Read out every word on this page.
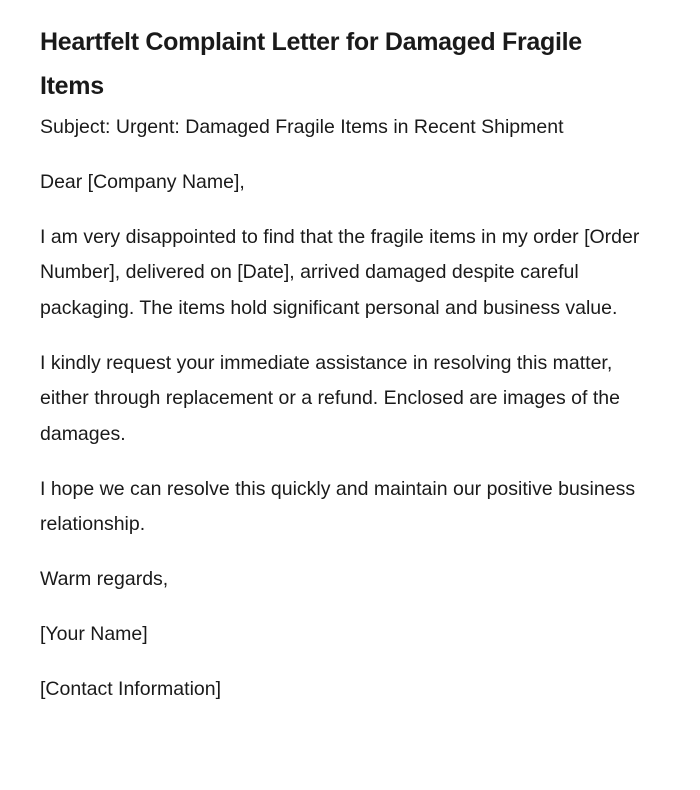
Heartfelt Complaint Letter for Damaged Fragile Items

Subject: Urgent: Damaged Fragile Items in Recent Shipment

Dear [Company Name],

I am very disappointed to find that the fragile items in my order [Order Number], delivered on [Date], arrived damaged despite careful packaging. The items hold significant personal and business value.

I kindly request your immediate assistance in resolving this matter, either through replacement or a refund. Enclosed are images of the damages.

I hope we can resolve this quickly and maintain our positive business relationship.

Warm regards,

[Your Name]

[Contact Information]
